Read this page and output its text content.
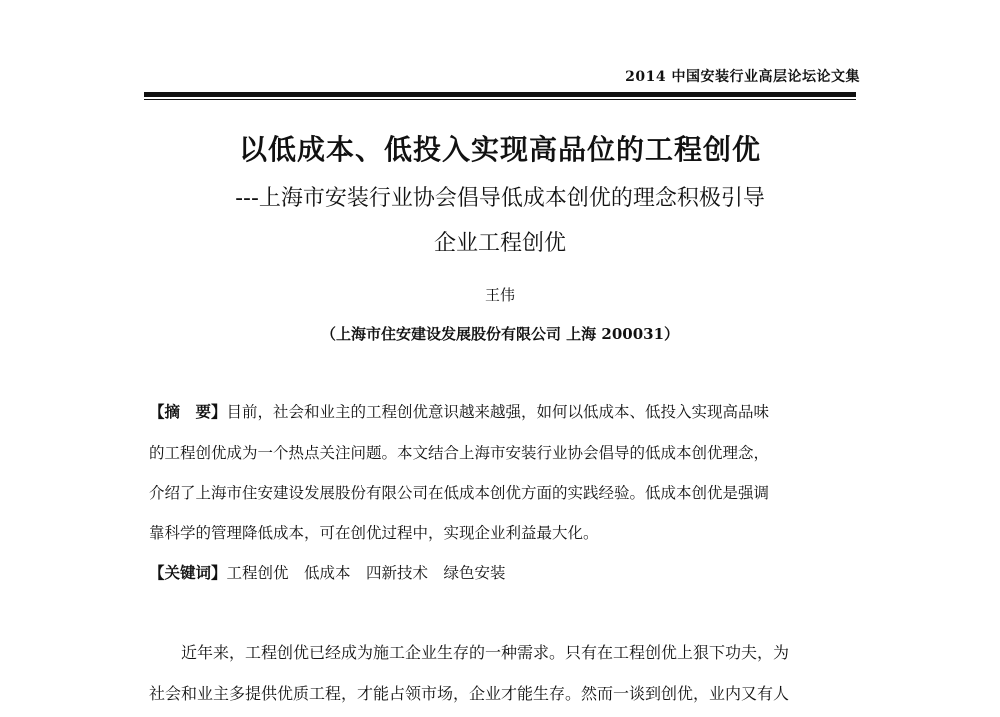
2014 中国安装行业高层论坛论文集
以低成本、低投入实现高品位的工程创优
---上海市安装行业协会倡导低成本创优的理念积极引导
企业工程创优
王伟
（上海市住安建设发展股份有限公司 上海 200031）
【摘　要】目前，社会和业主的工程创优意识越来越强，如何以低成本、低投入实现高品味
的工程创优成为一个热点关注问题。本文结合上海市安装行业协会倡导的低成本创优理念，
介绍了上海市住安建设发展股份有限公司在低成本创优方面的实践经验。低成本创优是强调
靠科学的管理降低成本，可在创优过程中，实现企业利益最大化。
【关键词】工程创优　低成本　四新技术　绿色安装
　　近年来，工程创优已经成为施工企业生存的一种需求。只有在工程创优上狠下功夫，为
社会和业主多提供优质工程，才能占领市场，企业才能生存。然而一谈到创优，业内又有人
